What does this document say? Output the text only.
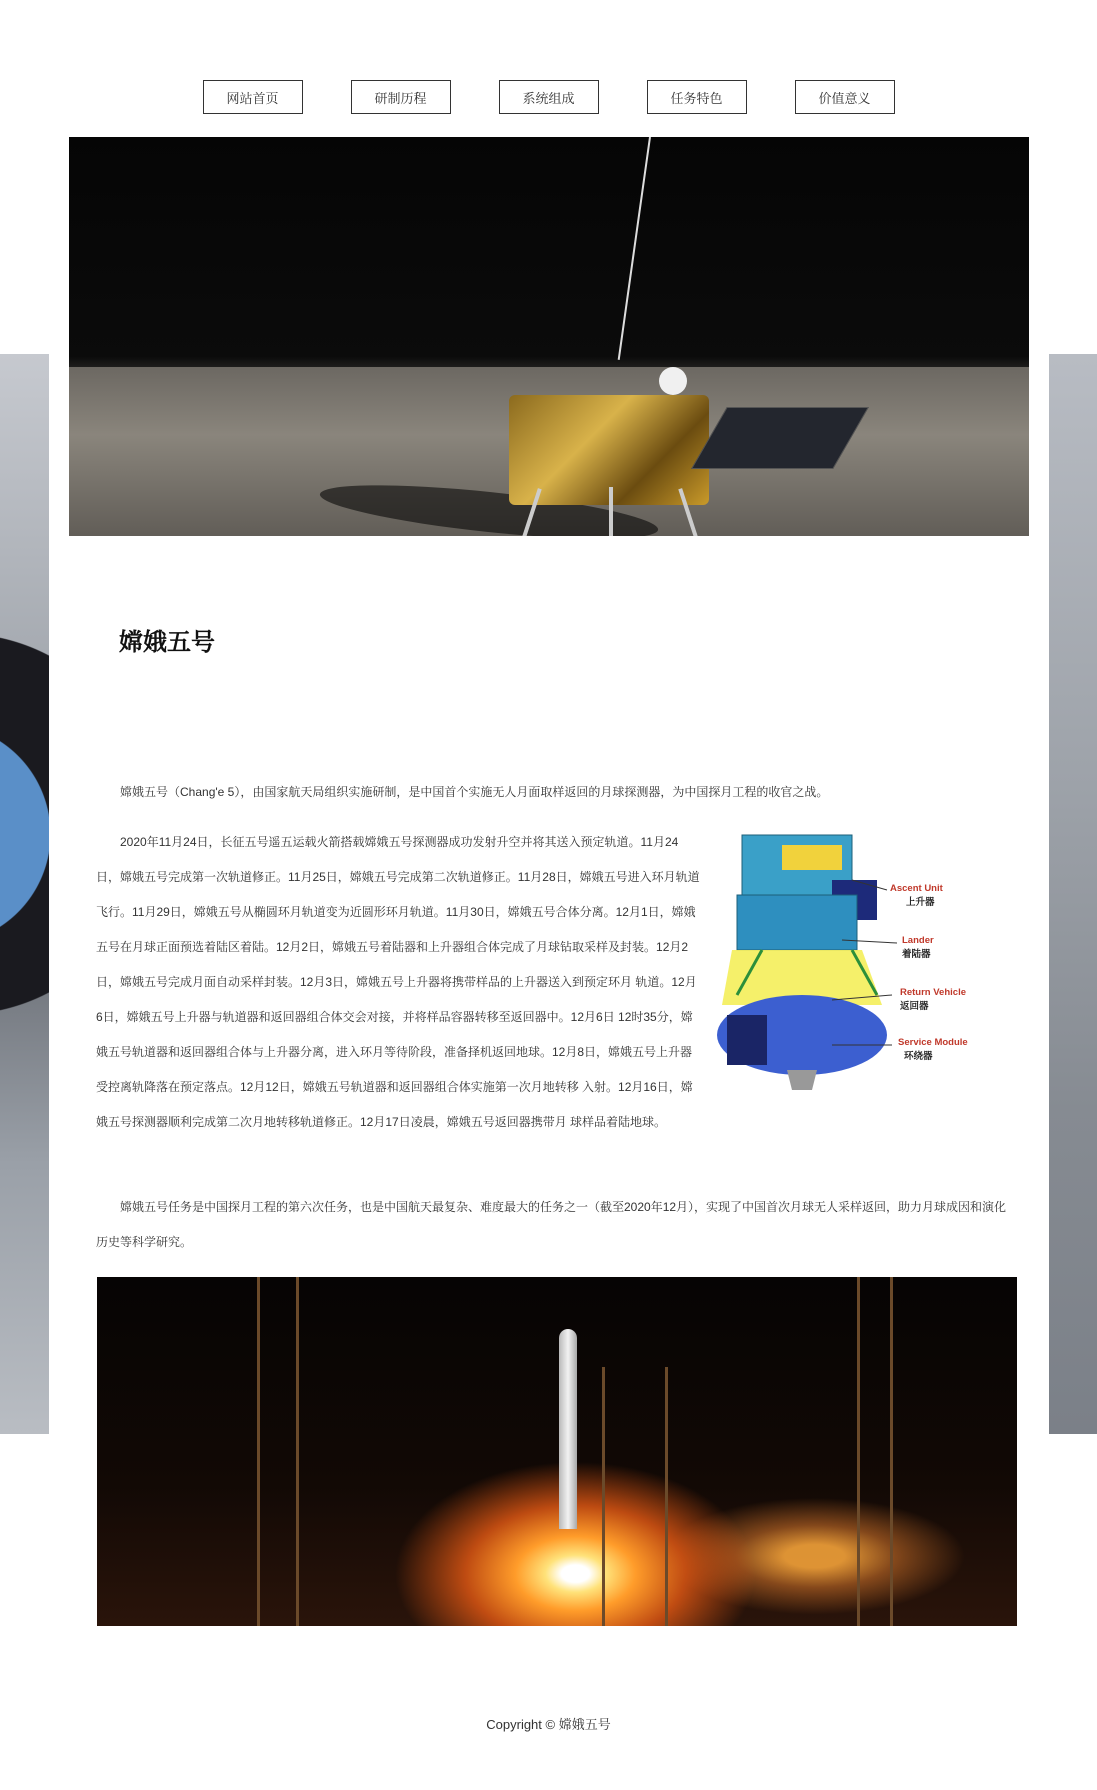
网站首页	研制历程	系统组成	任务特色	价值意义
嫦娥五号

嫦娥五号（Chang'e 5），由国家航天局组织实施研制，是中国首个实施无人月面取样返回的月球探测器，为中国探月工程的收官之战。

2020年11月24日，长征五号遥五运载火箭搭载嫦娥五号探测器成功发射升空并将其送入预定轨道。11月24日，嫦娥五号完成第一次轨道修正。11月25日，嫦娥五号完成第二次轨道修正。11月28日，嫦娥五号进入环月轨道飞行。11月29日，嫦娥五号从椭圆环月轨道变为近圆形环月轨道。11月30日，嫦娥五号合体分离。12月1日，嫦娥五号在月球正面预选着陆区着陆。12月2日，嫦娥五号着陆器和上升器组合体完成了月球钻取采样及封装。12月2日，嫦娥五号完成月面自动采样封装。12月3日，嫦娥五号上升器将携带样品的上升器送入到预定环月 轨道。12月6日，嫦娥五号上升器与轨道器和返回器组合体交会对接，并将样品容器转移至返回器中。12月6日 12时35分，嫦娥五号轨道器和返回器组合体与上升器分离，进入环月等待阶段，准备择机返回地球。12月8日，嫦娥五号上升器受控离轨降落在预定落点。12月12日，嫦娥五号轨道器和返回器组合体实施第一次月地转移 入射。12月16日，嫦娥五号探测器顺利完成第二次月地转移轨道修正。12月17日凌晨，嫦娥五号返回器携带月 球样品着陆地球。

Ascent Unit
上升器
Lander
着陆器
Return Vehicle
返回器
Service Module
环绕器

嫦娥五号任务是中国探月工程的第六次任务，也是中国航天最复杂、难度最大的任务之一（截至2020年12月），实现了中国首次月球无人采样返回，助力月球成因和演化历史等科学研究。

Copyright © 嫦娥五号
